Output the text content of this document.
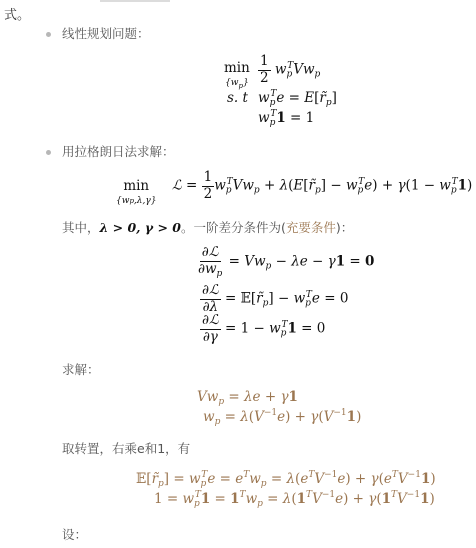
式。
线性规划问题：
min
$\{w_p\} \frac{1}{2} w_p^TVw_p$
s. t $w_p^Te$ = $E[r̃_p]$
$w_p^T1 = 1$
用拉格朗日法求解：
min
{wp,λ,γ}
ℒ = $\frac{1}{2} w_p^TVw_p$ + $\lambda(E[r̃_p] - w_p^Te) + \gamma(1 - w_p^T1)$
其中，λ > 0, γ > 0。一阶差分条件为(充要条件)：
$\frac{\text{∂ℒ}}{\partial w_p} = Vw_p - \lambda e - \gamma 1 = 0$
$\frac{\text{∂ℒ}}{\partial\lambda}$ = $𝔼[r̃_p] - w_p^Te = 0$
$\frac{\text{∂ℒ}}{\partial\gamma} = 1 - w_p^T1 = 0$
求解：
$Vw_p = \lambda e + \gamma 1$
$w_p = \lambda(V^{-1}e) + \gamma(V^{-1}1)$
取转置，右乘e和1，有
$𝔼[r̃_p] = w_p^Te = e^Tw_p = \lambda(e^TV^{-1}e) + \gamma(e^TV^{-1}1)$
$1 = w_p^T1 = 1^Tw_p = \lambda(1^TV^{-1}e) + \gamma(1^TV^{-1}1)$
设：
